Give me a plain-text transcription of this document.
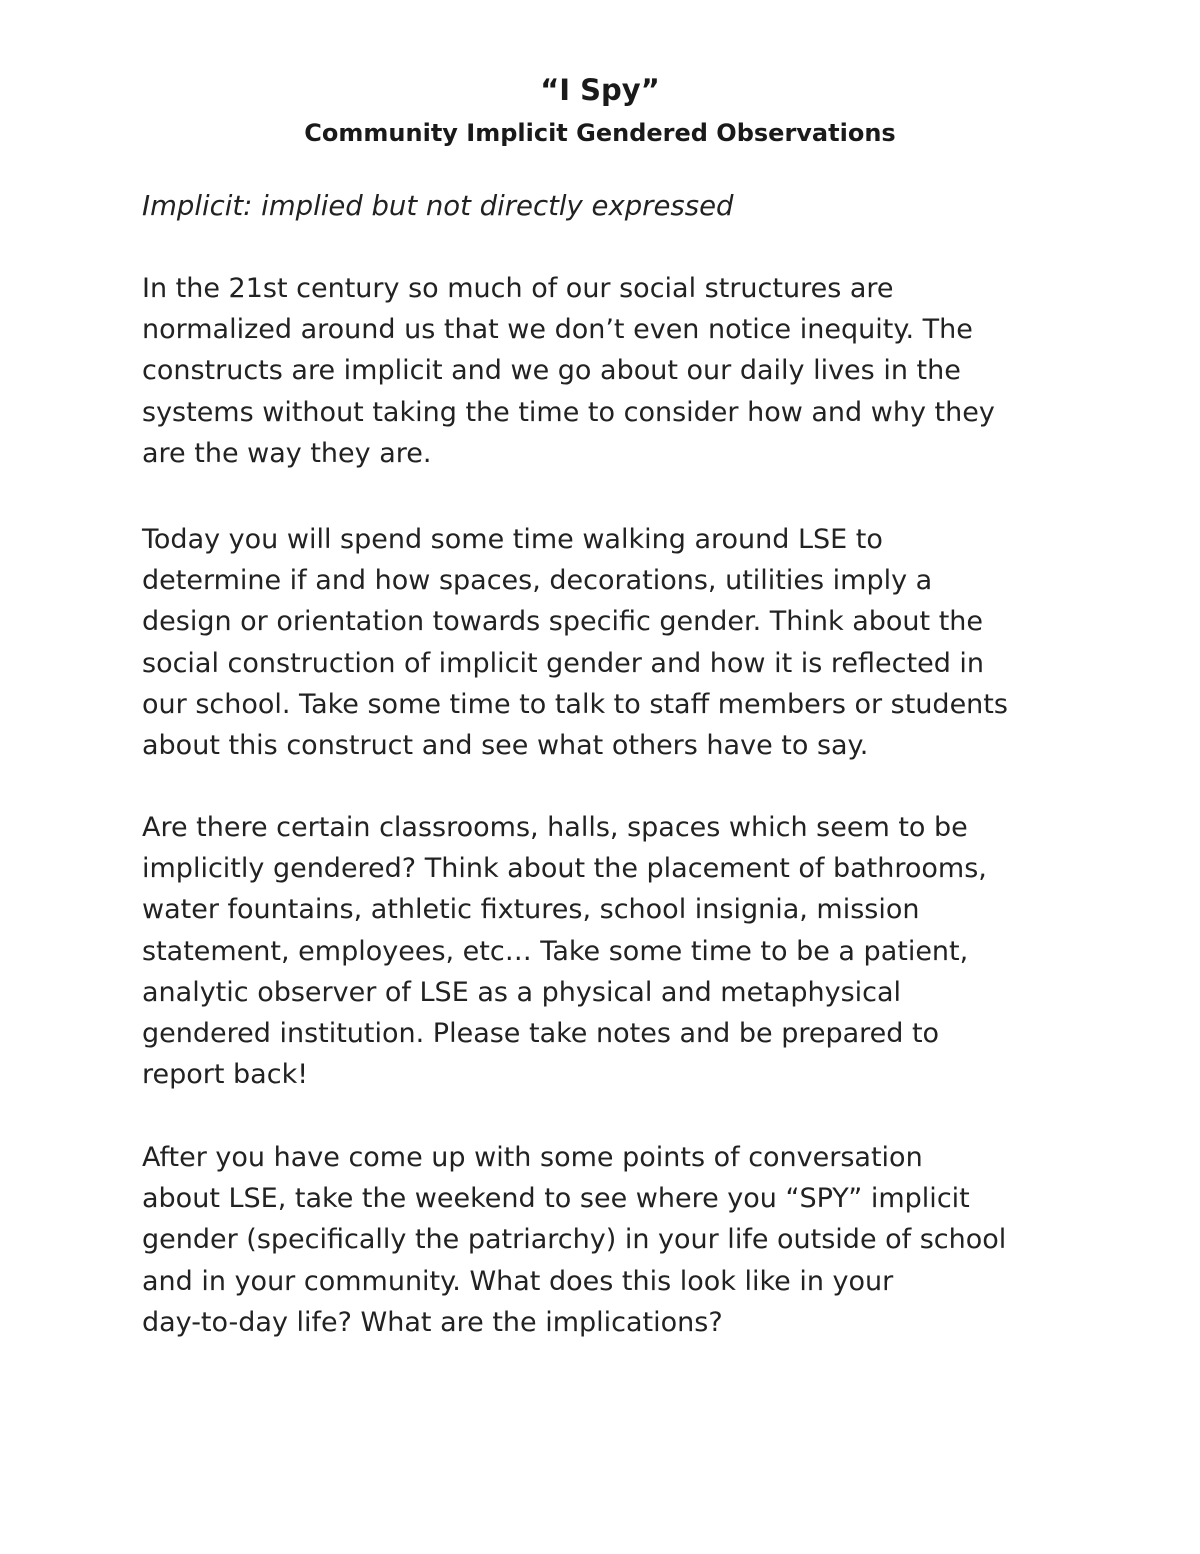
“I Spy”
Community Implicit Gendered Observations

Implicit: implied but not directly expressed

In the 21st century so much of our social structures are
normalized around us that we don’t even notice inequity. The
constructs are implicit and we go about our daily lives in the
systems without taking the time to consider how and why they
are the way they are.
Today you will spend some time walking around LSE to
determine if and how spaces, decorations, utilities imply a
design or orientation towards specific gender. Think about the
social construction of implicit gender and how it is reflected in
our school. Take some time to talk to staff members or students
about this construct and see what others have to say.
Are there certain classrooms, halls, spaces which seem to be
implicitly gendered? Think about the placement of bathrooms,
water fountains, athletic fixtures, school insignia, mission
statement, employees, etc… Take some time to be a patient,
analytic observer of LSE as a physical and metaphysical
gendered institution. Please take notes and be prepared to
report back!
After you have come up with some points of conversation
about LSE, take the weekend to see where you “SPY” implicit
gender (specifically the patriarchy) in your life outside of school
and in your community. What does this look like in your
day-to-day life? What are the implications?
